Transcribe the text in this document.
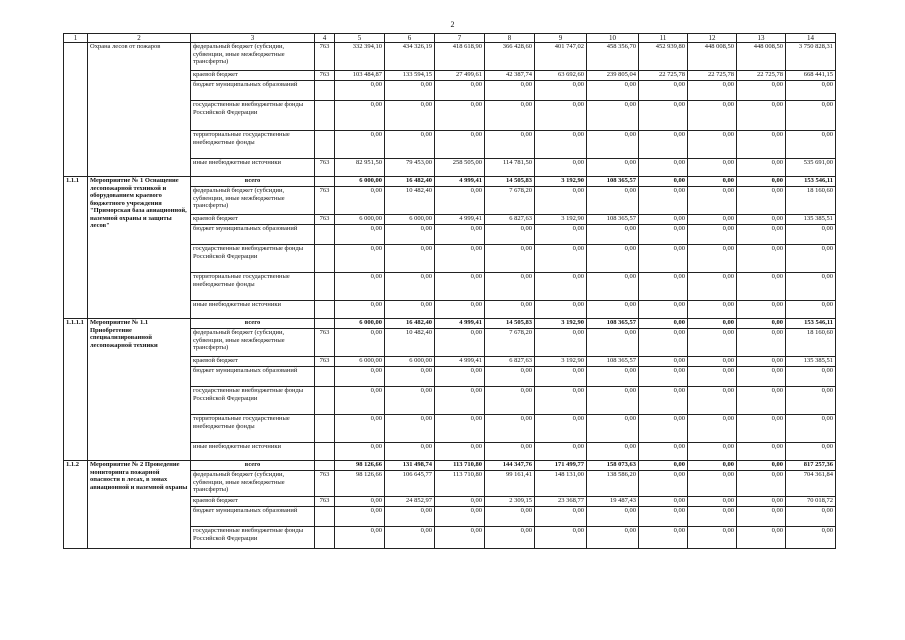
2
1	2	3	4	5	6	7	8	9	10	11	12	13	14
	Охрана лесов от пожаров	федеральный бюджет (субсидии, субвенции, иные межбюджетные трансферты)	763	332 394,10	434 326,19	418 618,90	366 428,60	401 747,02	458 356,70	452 939,80	448 008,50	448 008,50	3 750 828,31
		краевой бюджет	763	103 484,87	133 594,15	27 499,61	42 387,74	63 692,60	239 805,04	22 725,78	22 725,78	22 725,78	668 441,15
		бюджет муниципальных образований		0,00	0,00	0,00	0,00	0,00	0,00	0,00	0,00	0,00	0,00
		государственные внебюджетные фонды Российской Федерации		0,00	0,00	0,00	0,00	0,00	0,00	0,00	0,00	0,00	0,00
		территориальные государственные внебюджетные фонды		0,00	0,00	0,00	0,00	0,00	0,00	0,00	0,00	0,00	0,00
		иные внебюджетные источники	763	82 951,50	79 453,00	258 505,00	114 781,50	0,00	0,00	0,00	0,00	0,00	535 691,00
1.1.1	Мероприятие № 1 Оснащение лесопожарной техникой и оборудованием краевого бюджетного учреждения "Приморская база авиационной, наземной охраны и защиты лесов"	всего		6 000,00	16 482,40	4 999,41	14 505,83	3 192,90	108 365,57	0,00	0,00	0,00	153 546,11
		федеральный бюджет (субсидии, субвенции, иные межбюджетные трансферты)	763	0,00	10 482,40	0,00	7 678,20	0,00	0,00	0,00	0,00	0,00	18 160,60
		краевой бюджет	763	6 000,00	6 000,00	4 999,41	6 827,63	3 192,90	108 365,57	0,00	0,00	0,00	135 385,51
		бюджет муниципальных образований		0,00	0,00	0,00	0,00	0,00	0,00	0,00	0,00	0,00	0,00
		государственные внебюджетные фонды Российской Федерации		0,00	0,00	0,00	0,00	0,00	0,00	0,00	0,00	0,00	0,00
		территориальные государственные внебюджетные фонды		0,00	0,00	0,00	0,00	0,00	0,00	0,00	0,00	0,00	0,00
		иные внебюджетные источники		0,00	0,00	0,00	0,00	0,00	0,00	0,00	0,00	0,00	0,00
1.1.1.1	Мероприятие № 1.1 Приобретение специализированной лесопожарной техники	всего		6 000,00	16 482,40	4 999,41	14 505,83	3 192,90	108 365,57	0,00	0,00	0,00	153 546,11
		федеральный бюджет (субсидии, субвенции, иные межбюджетные трансферты)	763	0,00	10 482,40	0,00	7 678,20	0,00	0,00	0,00	0,00	0,00	18 160,60
		краевой бюджет	763	6 000,00	6 000,00	4 999,41	6 827,63	3 192,90	108 365,57	0,00	0,00	0,00	135 385,51
		бюджет муниципальных образований		0,00	0,00	0,00	0,00	0,00	0,00	0,00	0,00	0,00	0,00
		государственные внебюджетные фонды Российской Федерации		0,00	0,00	0,00	0,00	0,00	0,00	0,00	0,00	0,00	0,00
		территориальные государственные внебюджетные фонды		0,00	0,00	0,00	0,00	0,00	0,00	0,00	0,00	0,00	0,00
		иные внебюджетные источники		0,00	0,00	0,00	0,00	0,00	0,00	0,00	0,00	0,00	0,00
1.1.2	Мероприятие № 2 Проведение мониторинга пожарной опасности в лесах, в зонах авиационной и наземной охраны	всего		98 126,66	131 498,74	113 710,80	144 347,76	171 499,77	158 073,63	0,00	0,00	0,00	817 257,36
		федеральный бюджет (субсидии, субвенции, иные межбюджетные трансферты)	763	98 126,66	106 645,77	113 710,80	99 161,41	148 131,00	138 586,20	0,00	0,00	0,00	704 361,84
		краевой бюджет	763	0,00	24 852,97	0,00	2 309,15	23 368,77	19 487,43	0,00	0,00	0,00	70 018,72
		бюджет муниципальных образований		0,00	0,00	0,00	0,00	0,00	0,00	0,00	0,00	0,00	0,00
		государственные внебюджетные фонды Российской Федерации		0,00	0,00	0,00	0,00	0,00	0,00	0,00	0,00	0,00	0,00
